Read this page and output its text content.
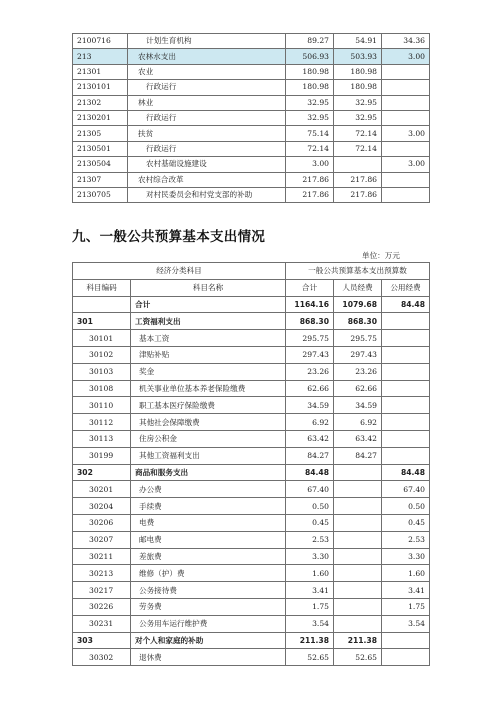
2100716	计划生育机构	89.27	54.91	34.36
213	农林水支出	506.93	503.93	3.00
21301	农业	180.98	180.98	
2130101	行政运行	180.98	180.98	
21302	林业	32.95	32.95	
2130201	行政运行	32.95	32.95	
21305	扶贫	75.14	72.14	3.00
2130501	行政运行	72.14	72.14	
2130504	农村基础设施建设	3.00		3.00
21307	农村综合改革	217.86	217.86	
2130705	对村民委员会和村党支部的补助	217.86	217.86	
九、一般公共预算基本支出情况
单位：万元
经济分类科目		一般公共预算基本支出预算数		
科目编码	科目名称	合计	人员经费	公用经费
	合计	1164.16	1079.68	84.48
301	工资福利支出	868.30	868.30	
30101	基本工资	295.75	295.75	
30102	津贴补贴	297.43	297.43	
30103	奖金	23.26	23.26	
30108	机关事业单位基本养老保险缴费	62.66	62.66	
30110	职工基本医疗保险缴费	34.59	34.59	
30112	其他社会保障缴费	6.92	6.92	
30113	住房公积金	63.42	63.42	
30199	其他工资福利支出	84.27	84.27	
302	商品和服务支出	84.48		84.48
30201	办公费	67.40		67.40
30204	手续费	0.50		0.50
30206	电费	0.45		0.45
30207	邮电费	2.53		2.53
30211	差旅费	3.30		3.30
30213	维修（护）费	1.60		1.60
30217	公务接待费	3.41		3.41
30226	劳务费	1.75		1.75
30231	公务用车运行维护费	3.54		3.54
303	对个人和家庭的补助	211.38	211.38	
30302	退休费	52.65	52.65	
